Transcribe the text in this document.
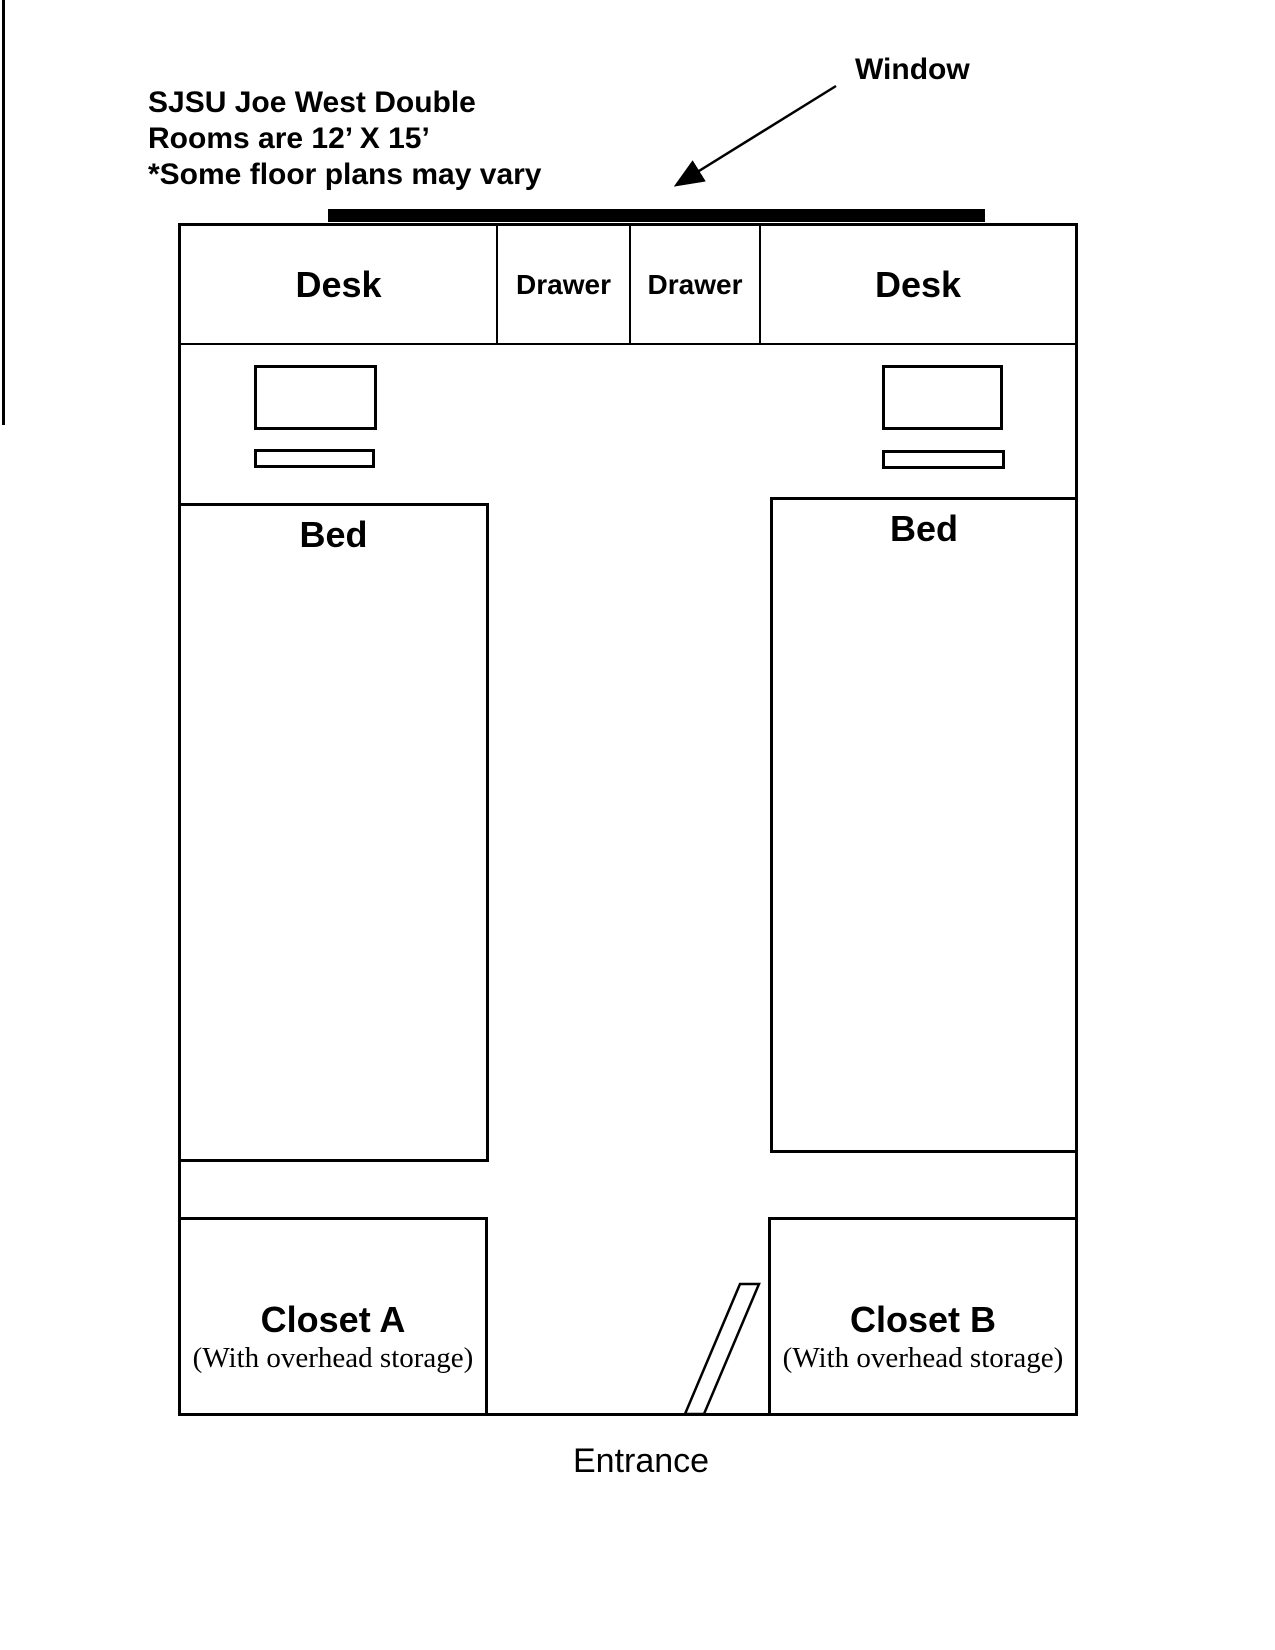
SJSU Joe West Double
Rooms are 12’ X 15’
*Some floor plans may vary
Window
Desk	Drawer Drawer	Desk
Bed	Bed
Closet A
(With overhead storage)
Closet B
(With overhead storage)
Entrance
